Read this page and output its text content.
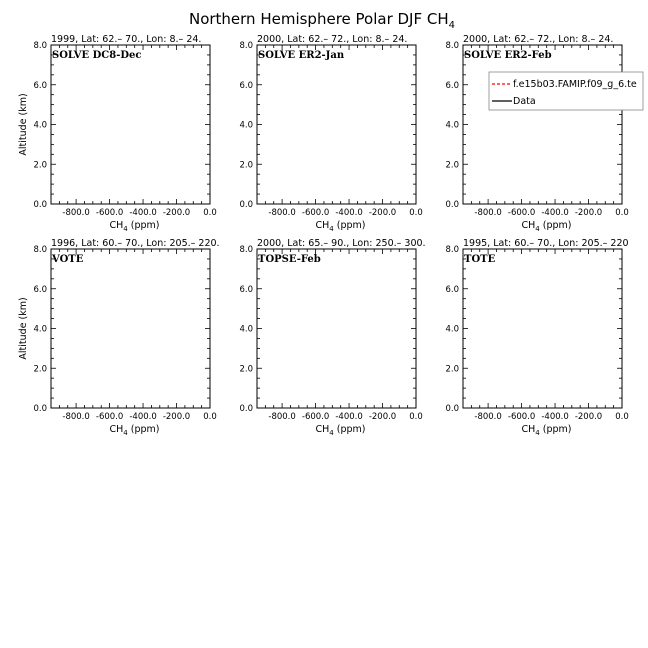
Northern Hemisphere Polar DJF $CH_4$
1999, Lat: 62.– 70., Lon: 8.– 24.
SOLVE DC8-Dec
-800.0 -600.0 -400.0 -200.0 0.0
0.0
2.0
4.0
6.0
8.0
$CH_4$ (ppm)
Altitude (km)
2000, Lat: 62.– 72., Lon: 8.– 24.
SOLVE ER2-Jan
-800.0 -600.0 -400.0 -200.0 0.0
0.0
2.0
4.0
6.0
8.0
$CH_4$ (ppm)
2000, Lat: 62.– 72., Lon: 8.– 24.
SOLVE ER2-Feb
-800.0 -600.0 -400.0 -200.0 0.0
0.0
2.0
4.0
6.0
8.0
$CH_4$ (ppm)
f.e15b03.FAMIP.f09_g_6.te
Data
1996, Lat: 60.– 70., Lon: 205.– 220.
VOTE
-800.0 -600.0 -400.0 -200.0 0.0
0.0
2.0
4.0
6.0
8.0
$CH_4$ (ppm)
Altitude (km)
2000, Lat: 65.– 90., Lon: 250.– 300.
TOPSE-Feb
-800.0 -600.0 -400.0 -200.0 0.0
0.0
2.0
4.0
6.0
8.0
$CH_4$ (ppm)
1995, Lat: 60.– 70., Lon: 205.– 220
TOTE
-800.0 -600.0 -400.0 -200.0 0.0
0.0
2.0
4.0
6.0
8.0
$CH_4$ (ppm)
